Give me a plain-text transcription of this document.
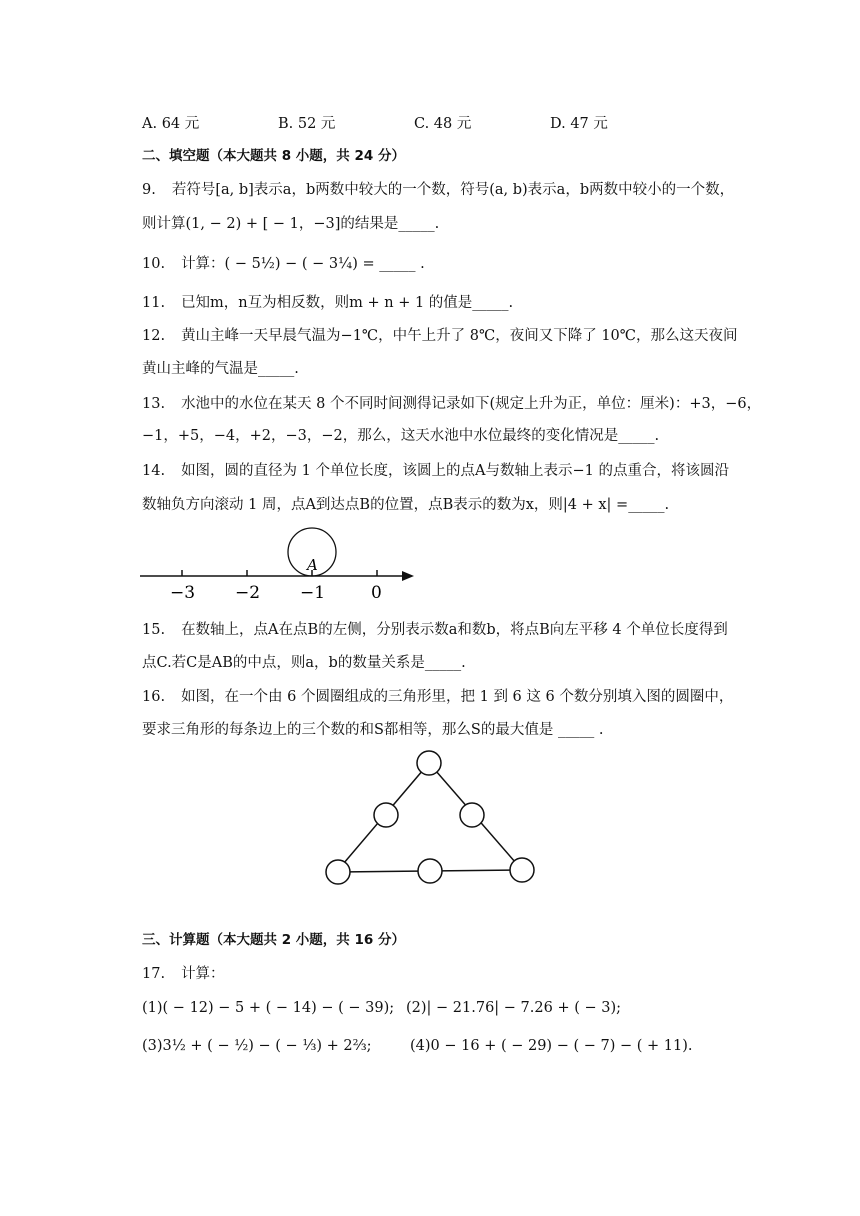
A. 64 元	B. 52 元	C. 48 元	D. 47 元
二、填空题（本大题共 8 小题，共 24 分）
9. 若符号[a, b]表示a，b两数中较大的一个数，符号(a, b)表示a，b两数中较小的一个数，
则计算(1, − 2) + [ − 1，−3]的结果是_____.
10. 计算：( − 5½) − ( − 3¼) = _____ .
11. 已知m，n互为相反数，则m + n + 1 的值是_____.
12. 黄山主峰一天早晨气温为−1℃，中午上升了 8℃，夜间又下降了 10℃，那么这天夜间
黄山主峰的气温是_____.
13. 水池中的水位在某天 8 个不同时间测得记录如下(规定上升为正，单位：厘米)：+3，−6，
−1，+5，−4，+2，−3，−2，那么，这天水池中水位最终的变化情况是_____.
14. 如图，圆的直径为 1 个单位长度，该圆上的点A与数轴上表示−1 的点重合，将该圆沿
数轴负方向滚动 1 周，点A到达点B的位置，点B表示的数为x，则|4 + x| =_____.
A
−3 −2 −1	0
15. 在数轴上，点A在点B的左侧，分别表示数a和数b，将点B向左平移 4 个单位长度得到
点C.若C是AB的中点，则a，b的数量关系是_____.
16. 如图，在一个由 6 个圆圈组成的三角形里，把 1 到 6 这 6 个数分别填入图的圆圈中，
要求三角形的每条边上的三个数的和S都相等，那么S的最大值是 _____ .
三、计算题（本大题共 2 小题，共 16 分）
17. 计算：
(1)( − 12) − 5 + ( − 14) − ( − 39); (2)| − 21.76| − 7.26 + ( − 3);
(3)3½ + ( − ½) − ( − ⅓) + 2⅔;	(4)0 − 16 + ( − 29) − ( − 7) − ( + 11).
